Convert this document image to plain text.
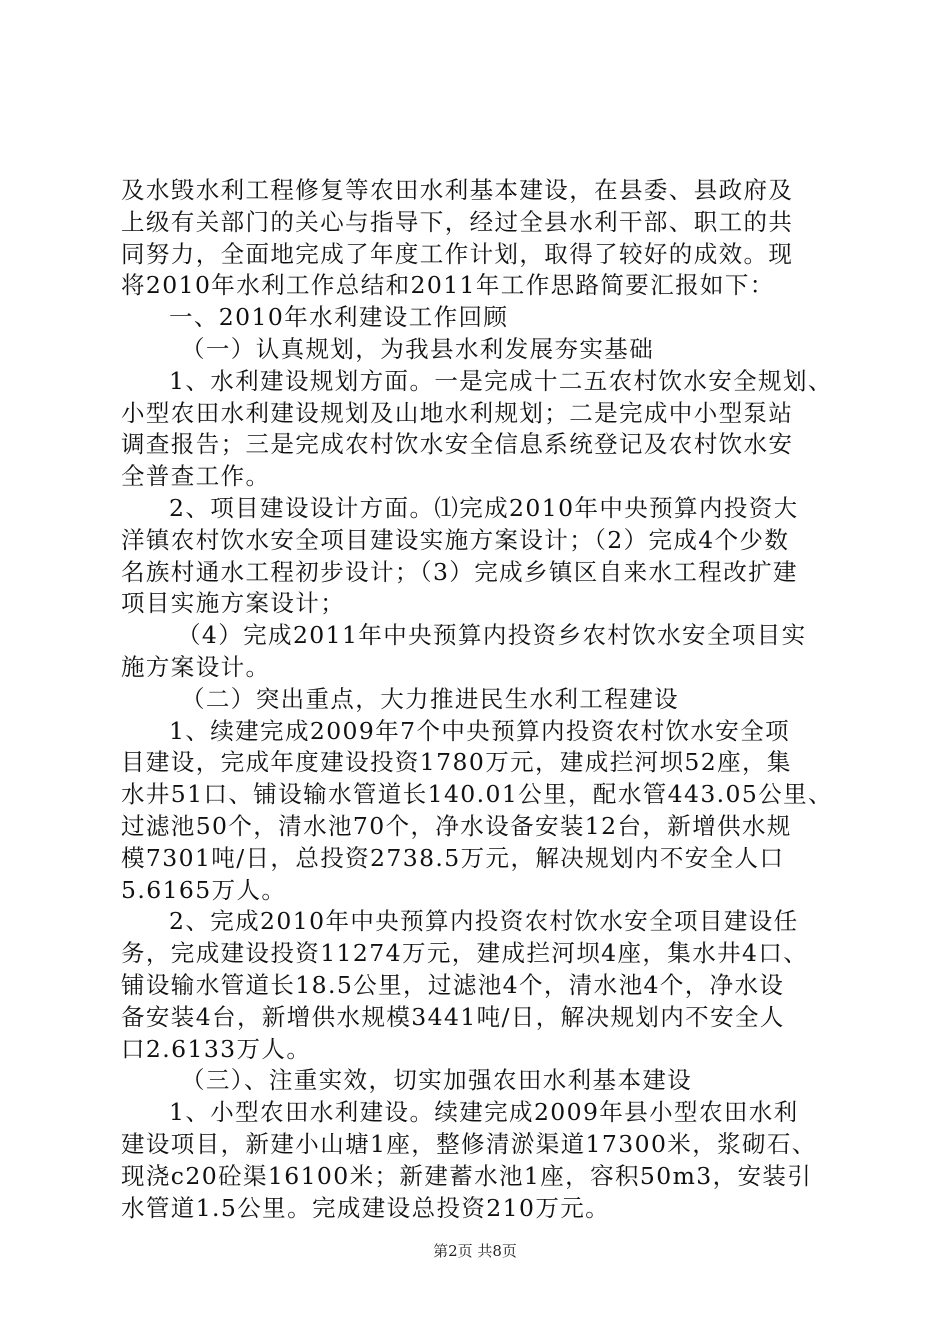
及水毁水利工程修复等农田水利基本建设，在县委、县政府及
上级有关部门的关心与指导下，经过全县水利干部、职工的共
同努力，全面地完成了年度工作计划，取得了较好的成效。现
将2010年水利工作总结和2011年工作思路简要汇报如下：
一、2010年水利建设工作回顾
（一）认真规划，为我县水利发展夯实基础
1、水利建设规划方面。一是完成十二五农村饮水安全规划、
小型农田水利建设规划及山地水利规划；二是完成中小型泵站
调查报告；三是完成农村饮水安全信息系统登记及农村饮水安
全普查工作。
2、项目建设设计方面。⑴完成2010年中央预算内投资大
洋镇农村饮水安全项目建设实施方案设计；（2）完成4个少数
名族村通水工程初步设计；（3）完成乡镇区自来水工程改扩建
项目实施方案设计；
（4）完成2011年中央预算内投资乡农村饮水安全项目实
施方案设计。
（二）突出重点，大力推进民生水利工程建设
1、续建完成2009年7个中央预算内投资农村饮水安全项
目建设，完成年度建设投资1780万元，建成拦河坝52座，集
水井51口、铺设输水管道长140.01公里，配水管443.05公里、
过滤池50个，清水池70个，净水设备安装12台，新增供水规
模7301吨/日，总投资2738.5万元，解决规划内不安全人口
5.6165万人。
2、完成2010年中央预算内投资农村饮水安全项目建设任
务，完成建设投资11274万元，建成拦河坝4座，集水井4口、
铺设输水管道长18.5公里，过滤池4个，清水池4个，净水设
备安装4台，新增供水规模3441吨/日，解决规划内不安全人
口2.6133万人。
（三）、注重实效，切实加强农田水利基本建设
1、小型农田水利建设。续建完成2009年县小型农田水利
建设项目，新建小山塘1座，整修清淤渠道17300米，浆砌石、
现浇c20砼渠16100米；新建蓄水池1座，容积50m3，安装引
水管道1.5公里。完成建设总投资210万元。
第2页 共8页
